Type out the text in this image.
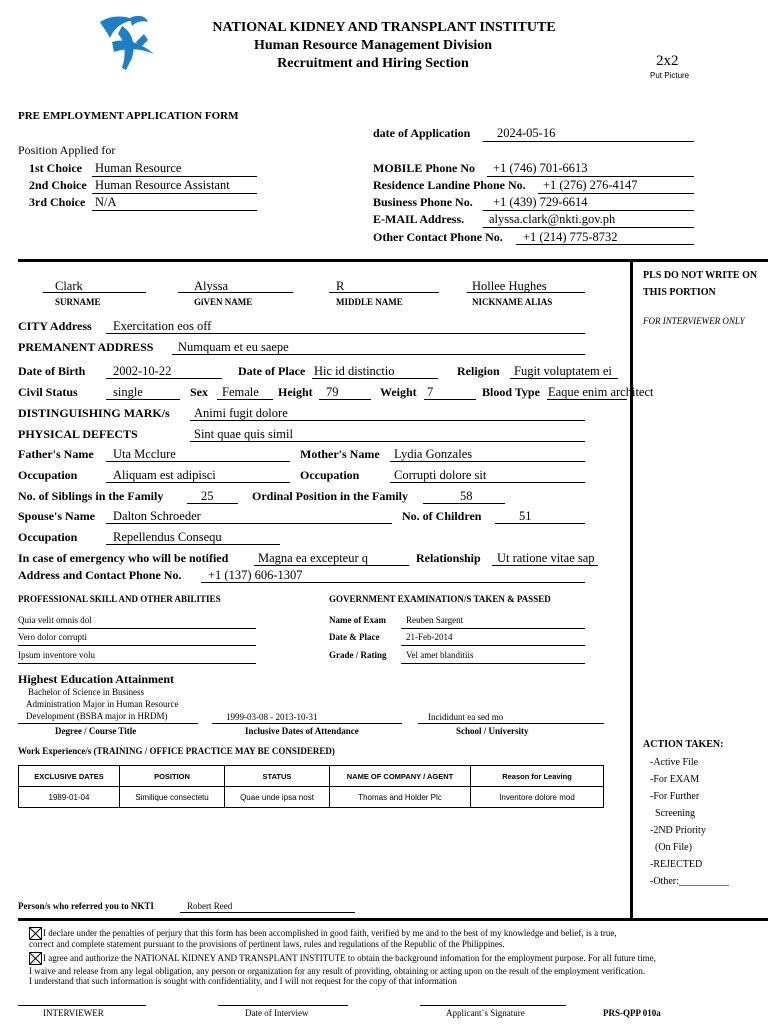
NATIONAL KIDNEY AND TRANSPLANT INSTITUTE
Human Resource Management Division
Recruitment and Hiring Section	2x2
Put Picture
PRE EMPLOYMENT APPLICATION FORM
Position Applied for
1st Choice Human Resource
2nd Choice Human Resource Assistant
3rd Choice N/A
date of Application 2024-05-16
MOBILE Phone No +1 (746) 701-6613
Residence Landine Phone No. +1 (276) 276-4147
Business Phone No. +1 (439) 729-6614
E-MAIL Address. alyssa.clark@nkti.gov.ph
Other Contact Phone No. +1 (214) 775-8732
PLS DO NOT WRITE ON
THIS PORTION
FOR INTERVIEWER ONLY
ACTION TAKEN:
-Active File
-For EXAM
-For Further
Screening
-2ND Priority
(On File)
-REJECTED
-Other:__________
Clark
SURNAME
Alyssa
GiVEN NAME
R
MIDDLE NAME
Hollee Hughes
NICKNAME ALIAS
CITY Address Exercitation eos off
PREMANENT ADDRESS Numquam et eu saepe
Date of Birth 2002-10-22	Date of Place Hic id distinctio	Religion Fugit voluptatem ei
Civil Status	single	Sex Female Height 79	Weight 7	Blood Type Eaque enim architect
DISTINGUISHING MARK/s Animi fugit dolore
PHYSICAL DEFECTS	Sint quae quis simil
Father's Name Uta Mcclure	Mother's Name Lydia Gonzales
Occupation	Aliquam est adipisci	Occupation	Corrupti dolore sit
No. of Siblings in the Family	25	Ordinal Position in the Family	58
Spouse's Name Dalton Schroeder	No. of Children	51
Occupation	Repellendus Consequ
In case of emergency who will be notified Magna ea excepteur q	Relationship Ut ratione vitae sap
Address and Contact Phone No. +1 (137) 606-1307
PROFESSIONAL SKILL AND OTHER ABILITIES
Quia velit omnis dol
Vero dolor corrupti
Ipsum inventore volu
GOVERNMENT EXAMINATION/S TAKEN & PASSED
Name of Exam Reuben Sargent
Date & Place	21-Feb-2014
Grade / Rating Vel amet blanditiis
Highest Education Attainment
Bachelor of Science in Business
Administration Major in Human Resource
Development (BSBA major in HRDM)
Degree / Course Title
1999-03-08 - 2013-10-31
Inclusive Dates of Attendance
Incididunt ea sed mo
School / University
Work Experience/s (TRAINING / OFFICE PRACTICE MAY BE CONSIDERED)
EXCLUSIVE DATES	POSITION	STATUS	NAME OF COMPANY / AGENT	Reason for Leaving
1989-01-04	Similique consectetu	Quae unde ipsa nost	Thomas and Holder Plc	Inventore dolore mod
Person/s who referred you to NKTI	Robert Reed
I declare under the penalties of perjury that this form has been accomplished in good faith, verified by me and to the best of my knowledge and belief, is a true,
correct and complete statement pursuant to the provisions of pertinent laws, rules and regulations of the Republic of the Philippines.
I agree and authorize the NATIONAL KIDNEY AND TRANSPLANT INSTITUTE to obtain the background infomation for the employment purpose. For all future time,
I waive and release from any legal obligation, any person or organization for any result of providing, obtaining or acting upon on the result of the employment verification.
I understand that such information is sought with confidentiality, and I will not request for the copy of that information
INTERVIEWER	Date of Interview	Applicant`s Signature	PRS-QPP 010a
